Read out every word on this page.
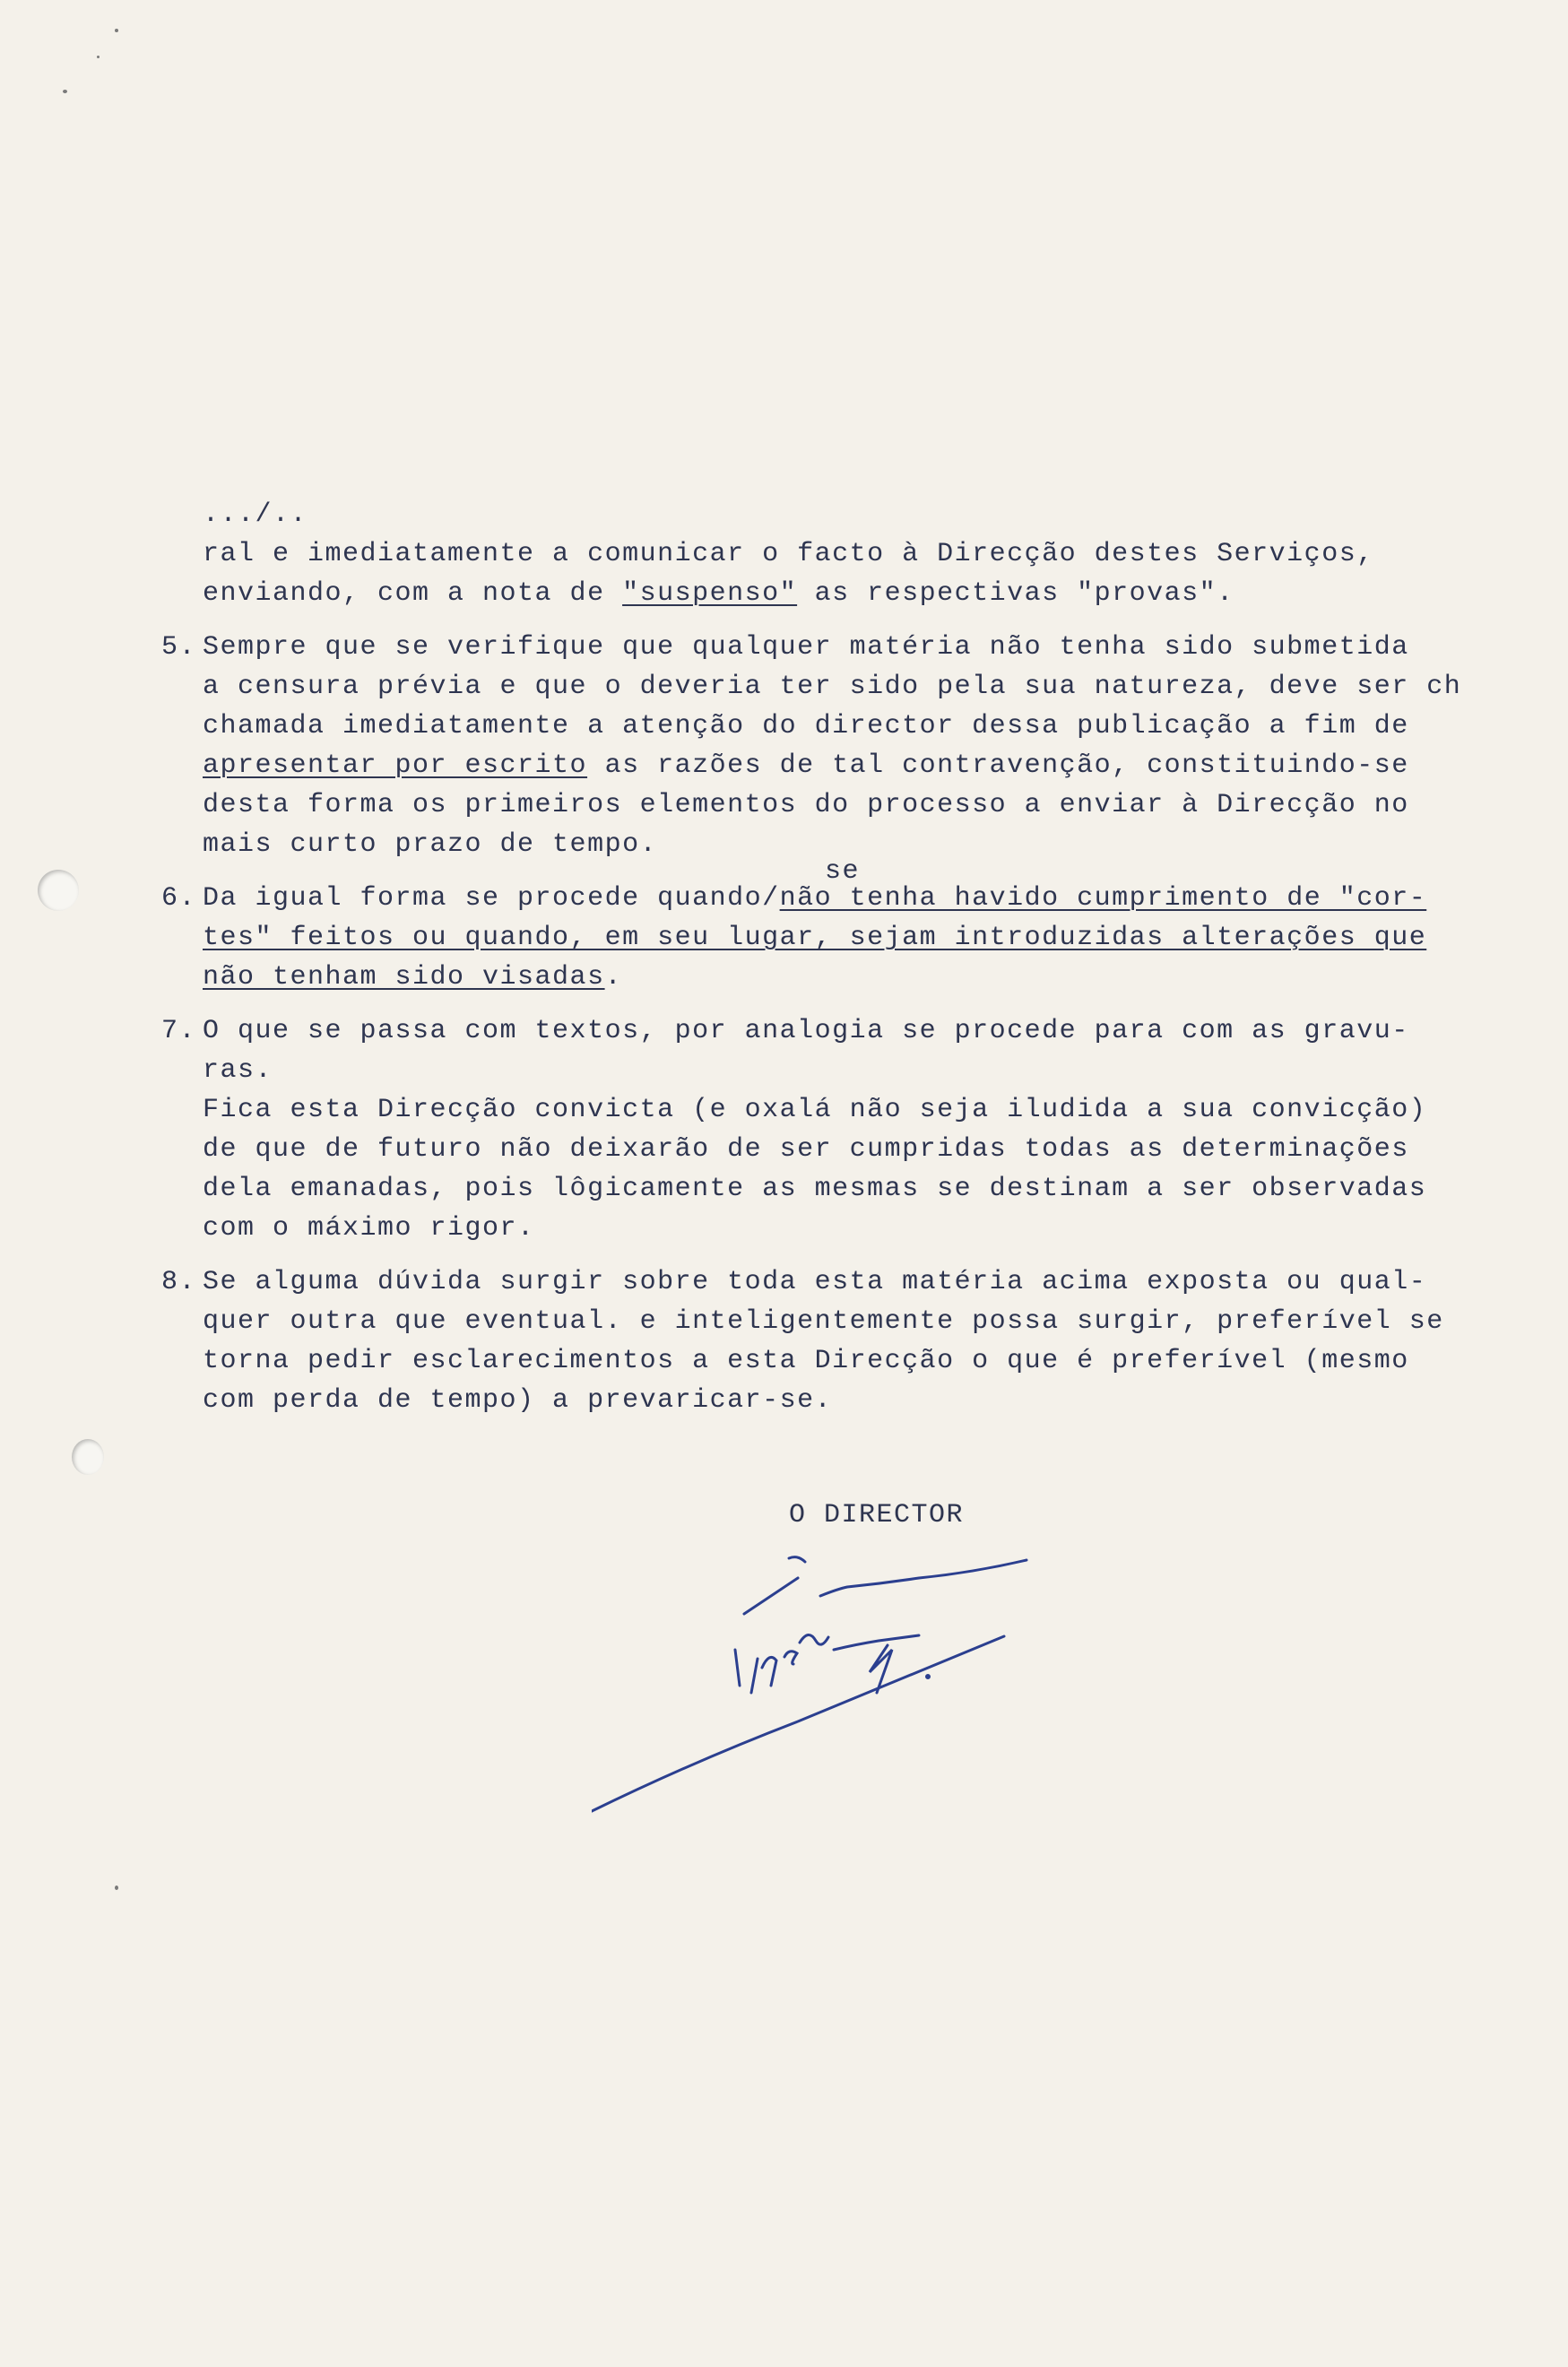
.../..
ral e imediatamente a comunicar o facto à Direcção destes Serviços,
enviando, com a nota de "suspenso" as respectivas "provas".
5. Sempre que se verifique que qualquer matéria não tenha sido submetida
a censura prévia e que o deveria ter sido pela sua natureza, deve ser ch
chamada imediatamente a atenção do director dessa publicação a fim de
apresentar por escrito as razões de tal contravenção, constituindo-se
desta forma os primeiros elementos do processo a enviar à Direcção no
mais curto prazo de tempo.
se
6. Da igual forma se procede quando/não tenha havido cumprimento de "cor-
tes" feitos ou quando, em seu lugar, sejam introduzidas alterações que
não tenham sido visadas.
7. O que se passa com textos, por analogia se procede para com as gravu-
ras.
Fica esta Direcção convicta (e oxalá não seja iludida a sua convicção)
de que de futuro não deixarão de ser cumpridas todas as determinações
dela emanadas, pois lôgicamente as mesmas se destinam a ser observadas
com o máximo rigor.
8. Se alguma dúvida surgir sobre toda esta matéria acima exposta ou qual-
quer outra que eventual. e inteligentemente possa surgir, preferível se
torna pedir esclarecimentos a esta Direcção o que é preferível (mesmo
com perda de tempo) a prevaricar-se.
O DIRECTOR
